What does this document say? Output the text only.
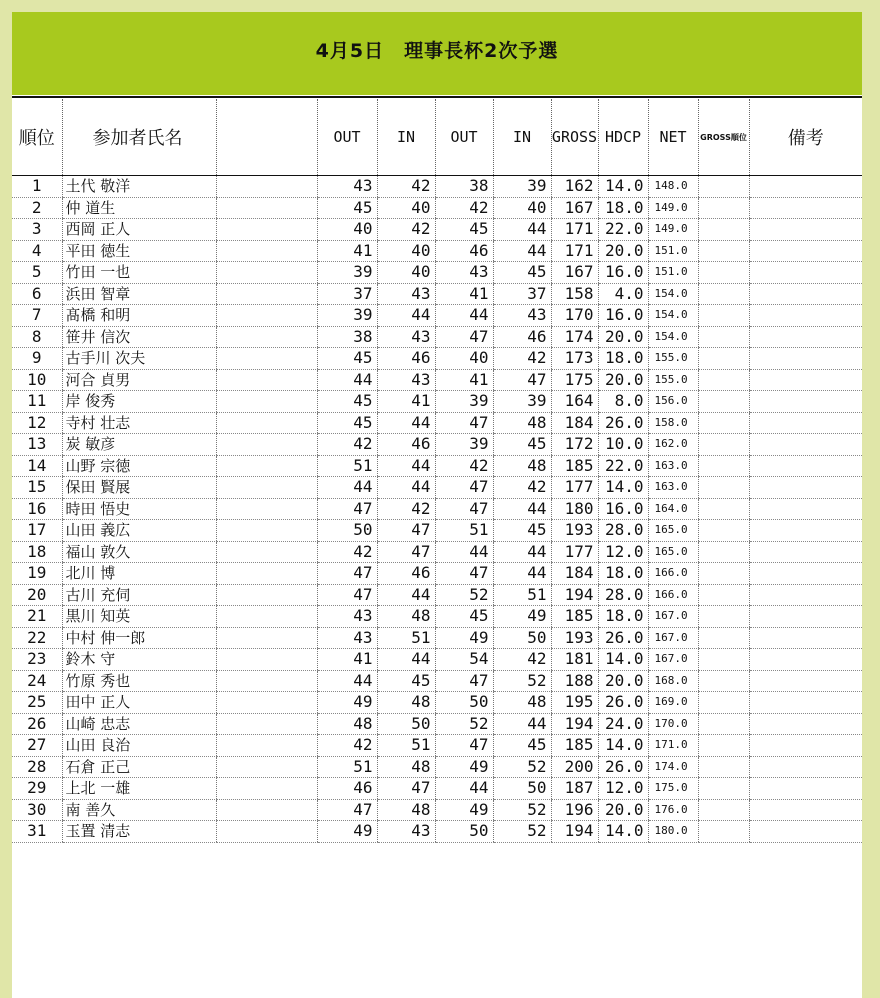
4月5日　理事長杯2次予選
順位	参加者氏名		OUT	IN	OUT	IN	GROSS	HDCP	NET	GROSS順位	備考
1	土代 敬洋		43	42	38	39	162	14.0	148.0		
2	仲 道生		45	40	42	40	167	18.0	149.0		
3	西岡 正人		40	42	45	44	171	22.0	149.0		
4	平田 徳生		41	40	46	44	171	20.0	151.0		
5	竹田 一也		39	40	43	45	167	16.0	151.0		
6	浜田 智章		37	43	41	37	158	4.0	154.0		
7	髙橋 和明		39	44	44	43	170	16.0	154.0		
8	笹井 信次		38	43	47	46	174	20.0	154.0		
9	古手川 次夫		45	46	40	42	173	18.0	155.0		
10	河合 貞男		44	43	41	47	175	20.0	155.0		
11	岸 俊秀		45	41	39	39	164	8.0	156.0		
12	寺村 壮志		45	44	47	48	184	26.0	158.0		
13	炭 敏彦		42	46	39	45	172	10.0	162.0		
14	山野 宗徳		51	44	42	48	185	22.0	163.0		
15	保田 賢展		44	44	47	42	177	14.0	163.0		
16	時田 悟史		47	42	47	44	180	16.0	164.0		
17	山田 義広		50	47	51	45	193	28.0	165.0		
18	福山 敦久		42	47	44	44	177	12.0	165.0		
19	北川 博		47	46	47	44	184	18.0	166.0		
20	古川 充伺		47	44	52	51	194	28.0	166.0		
21	黒川 知英		43	48	45	49	185	18.0	167.0		
22	中村 伸一郎		43	51	49	50	193	26.0	167.0		
23	鈴木 守		41	44	54	42	181	14.0	167.0		
24	竹原 秀也		44	45	47	52	188	20.0	168.0		
25	田中 正人		49	48	50	48	195	26.0	169.0		
26	山崎 忠志		48	50	52	44	194	24.0	170.0		
27	山田 良治		42	51	47	45	185	14.0	171.0		
28	石倉 正己		51	48	49	52	200	26.0	174.0		
29	上北 一雄		46	47	44	50	187	12.0	175.0		
30	南 善久		47	48	49	52	196	20.0	176.0		
31	玉置 清志		49	43	50	52	194	14.0	180.0		
